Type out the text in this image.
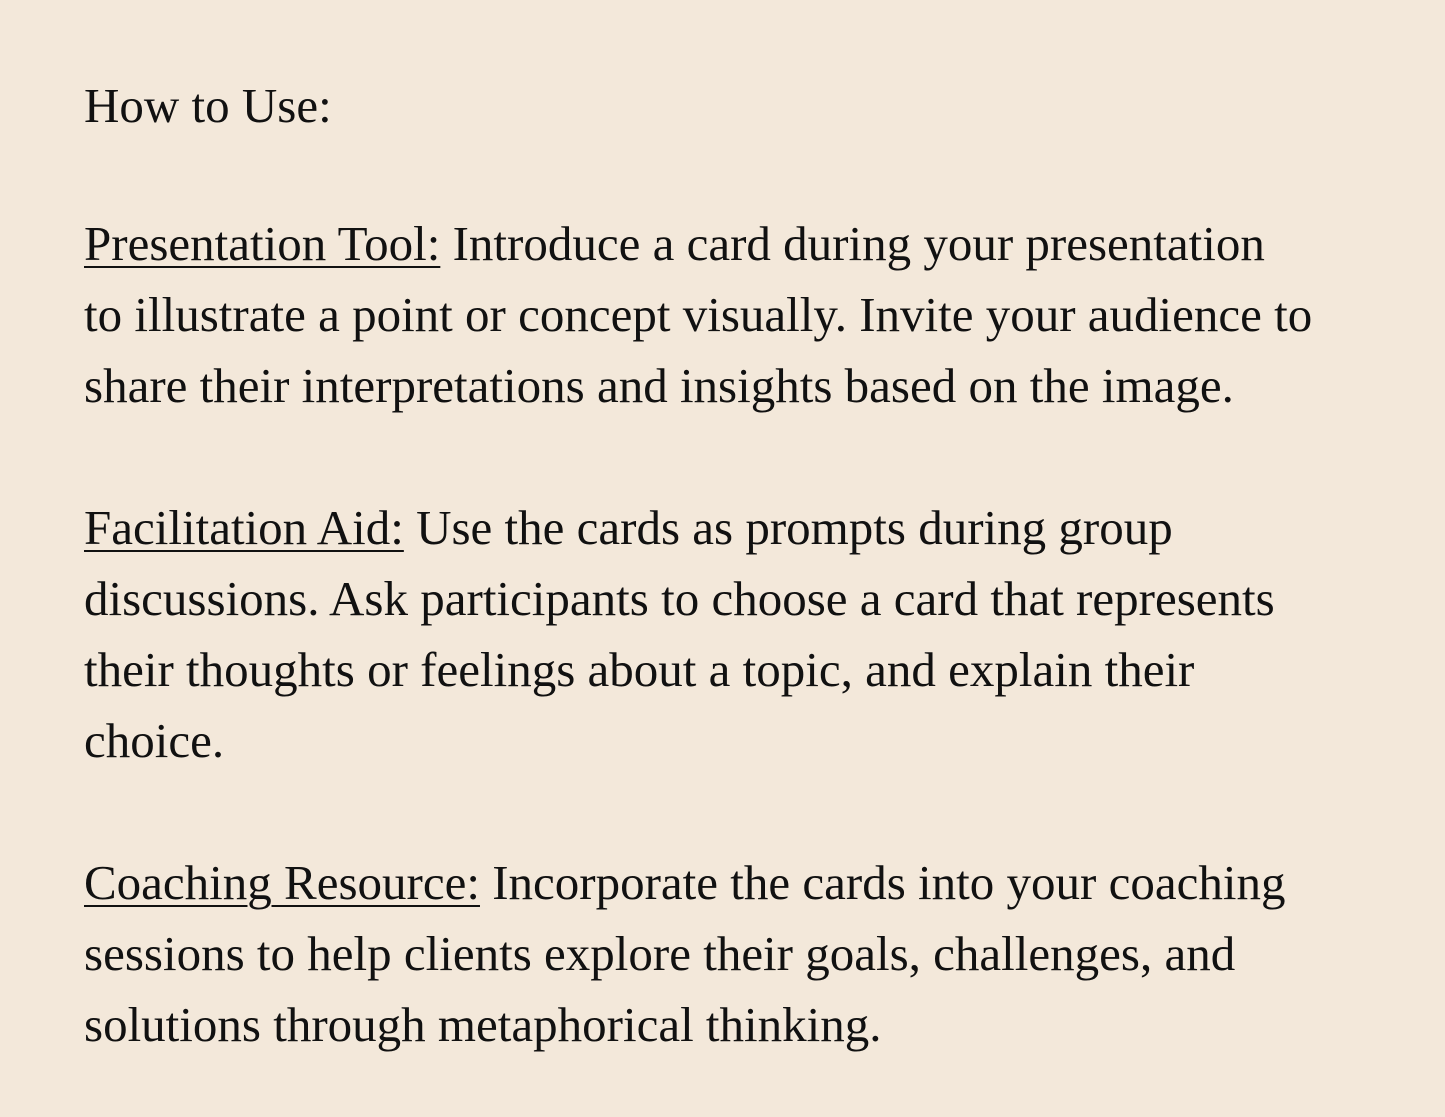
How to Use:
Presentation Tool: Introduce a card during your presentation
to illustrate a point or concept visually. Invite your audience to
share their interpretations and insights based on the image.
Facilitation Aid: Use the cards as prompts during group
discussions. Ask participants to choose a card that represents
their thoughts or feelings about a topic, and explain their
choice.
Coaching Resource: Incorporate the cards into your coaching
sessions to help clients explore their goals, challenges, and
solutions through metaphorical thinking.
